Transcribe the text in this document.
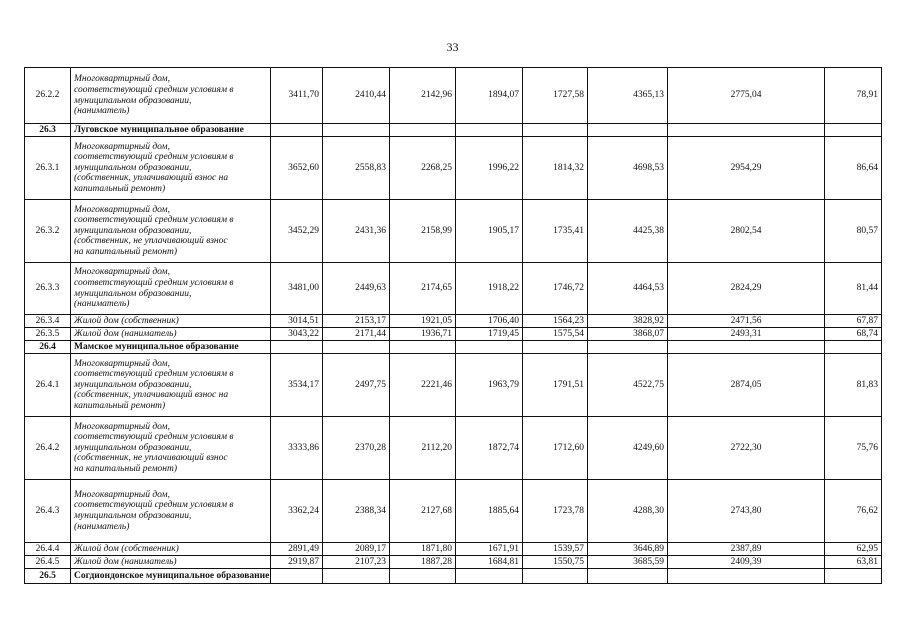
33
26.2.2	Многоквартирный дом,
соответствующий средним условиям в
муниципальном образовании,
(наниматель)	3411,70	2410,44	2142,96	1894,07	1727,58	4365,13	2775,04	78,91
26.3	Луговское муниципальное образование								
26.3.1	Многоквартирный дом,
соответствующий средним условиям в
муниципальном образовании,
(собственник, уплачивающий взнос на
капитальный ремонт)	3652,60	2558,83	2268,25	1996,22	1814,32	4698,53	2954,29	86,64
26.3.2	Многоквартирный дом,
соответствующий средним условиям в
муниципальном образовании,
(собственник, не уплачивающий взнос
на капитальный ремонт)	3452,29	2431,36	2158,99	1905,17	1735,41	4425,38	2802,54	80,57
26.3.3	Многоквартирный дом,
соответствующий средним условиям в
муниципальном образовании,
(наниматель)	3481,00	2449,63	2174,65	1918,22	1746,72	4464,53	2824,29	81,44
26.3.4	Жилой дом (собственник)	3014,51	2153,17	1921,05	1706,40	1564,23	3828,92	2471,56	67,87
26.3.5	Жилой дом (наниматель)	3043,22	2171,44	1936,71	1719,45	1575,54	3868,07	2493,31	68,74
26.4	Мамское муниципальное образование								
26.4.1	Многоквартирный дом,
соответствующий средним условиям в
муниципальном образовании,
(собственник, уплачивающий взнос на
капитальный ремонт)	3534,17	2497,75	2221,46	1963,79	1791,51	4522,75	2874,05	81,83
26.4.2	Многоквартирный дом,
соответствующий средним условиям в
муниципальном образовании,
(собственник, не уплачивающий взнос
на капитальный ремонт)	3333,86	2370,28	2112,20	1872,74	1712,60	4249,60	2722,30	75,76
26.4.3	Многоквартирный дом,
соответствующий средним условиям в
муниципальном образовании,
(наниматель)	3362,24	2388,34	2127,68	1885,64	1723,78	4288,30	2743,80	76,62
26.4.4	Жилой дом (собственник)	2891,49	2089,17	1871,80	1671,91	1539,57	3646,89	2387,89	62,95
26.4.5	Жилой дом (наниматель)	2919,87	2107,23	1887,28	1684,81	1550,75	3685,59	2409,39	63,81
26.5	Согдиондонское муниципальное образование								
